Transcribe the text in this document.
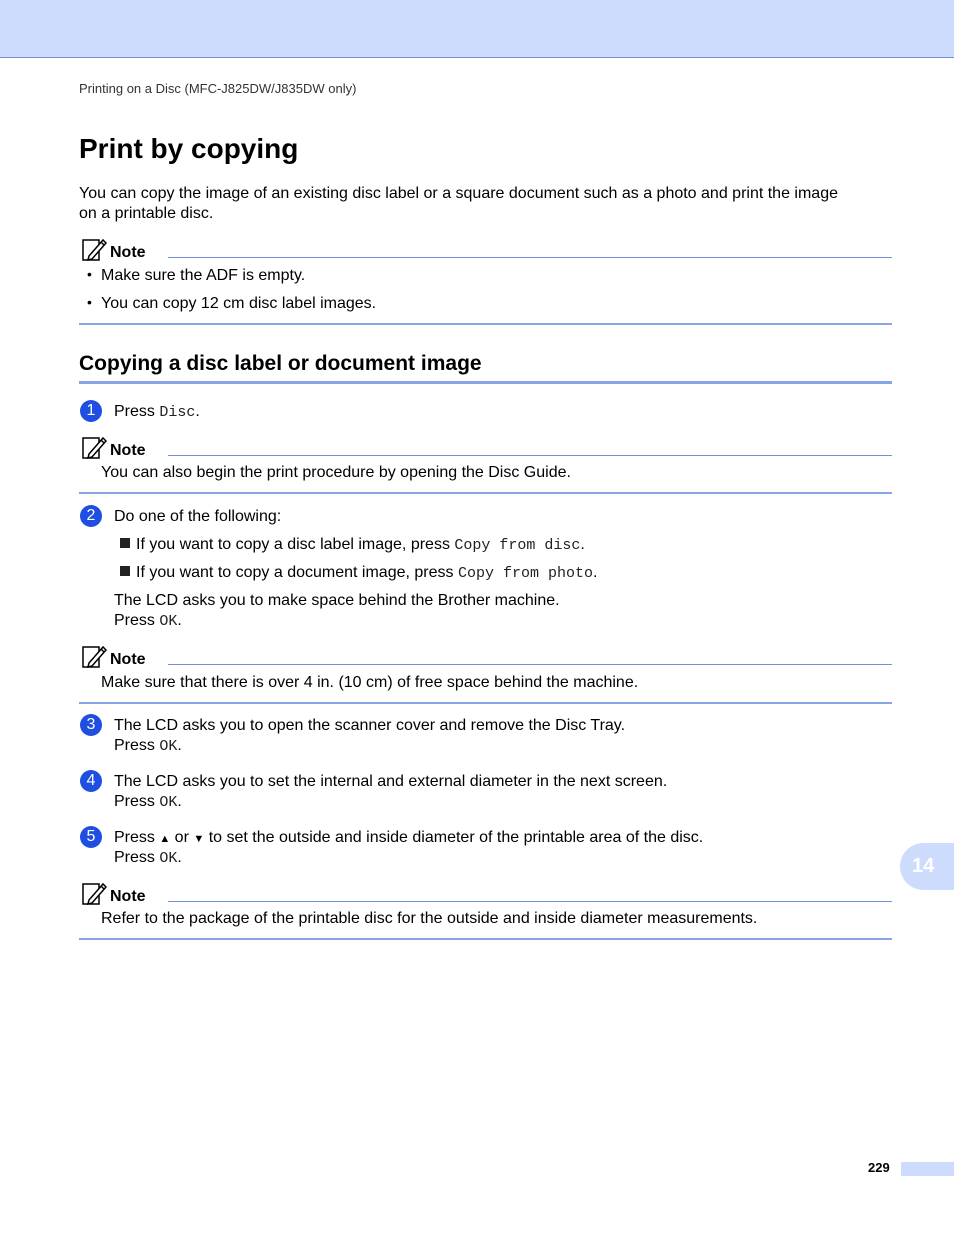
Printing on a Disc (MFC-J825DW/J835DW only)
Print by copying
You can copy the image of an existing disc label or a square document such as a photo and print the image
on a printable disc.
Note
• Make sure the ADF is empty.
• You can copy 12 cm disc label images.
Copying a disc label or document image
1	Press Disc.
Note
You can also begin the print procedure by opening the Disc Guide.
2	Do one of the following:
If you want to copy a disc label image, press Copy from disc.
If you want to copy a document image, press Copy from photo.
The LCD asks you to make space behind the Brother machine.
Press OK.
Note
Make sure that there is over 4 in. (10 cm) of free space behind the machine.
3	The LCD asks you to open the scanner cover and remove the Disc Tray.
Press OK.
4	The LCD asks you to set the internal and external diameter in the next screen.
Press OK.
5	Press ▲ or ▼ to set the outside and inside diameter of the printable area of the disc.
Press OK.
Note
Refer to the package of the printable disc for the outside and inside diameter measurements.
14
229
